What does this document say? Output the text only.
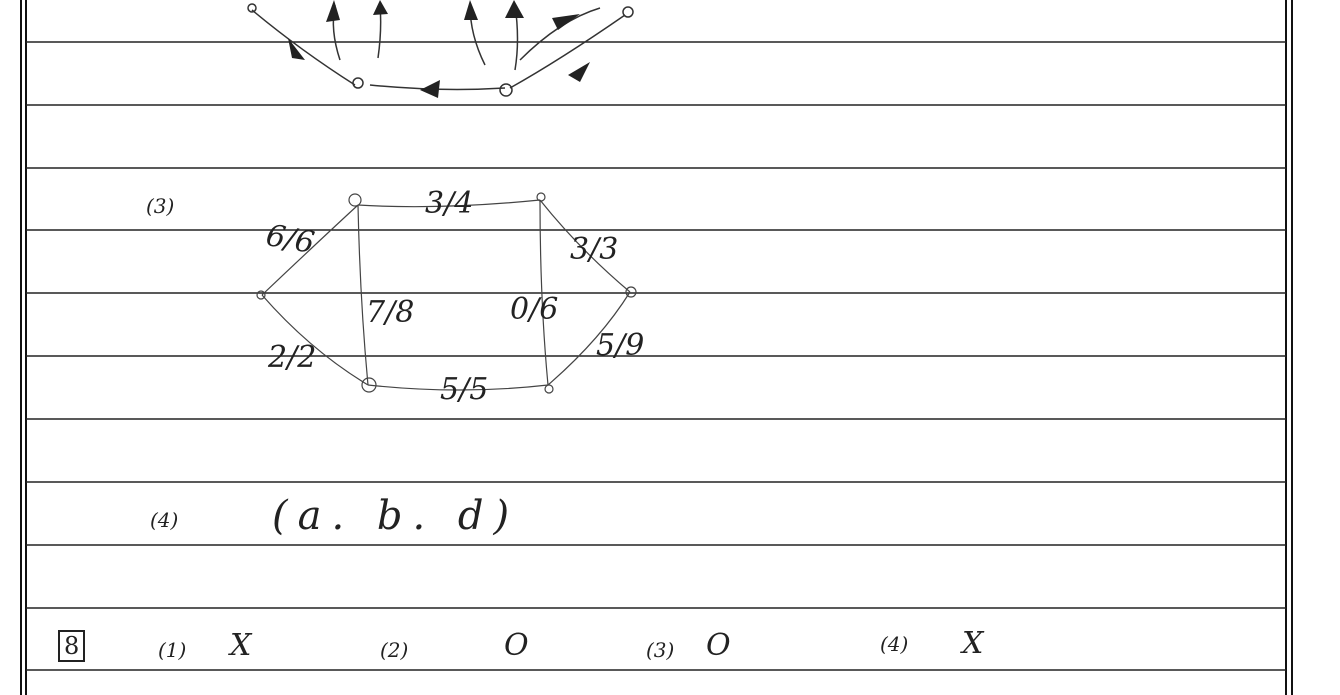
(3)	3/4
6/6	3/3
7/8	0/6
5/9
2/2
5/5
(4) (a. b. d)
8	(1) X	(2)	O	(3) O	(4) X
